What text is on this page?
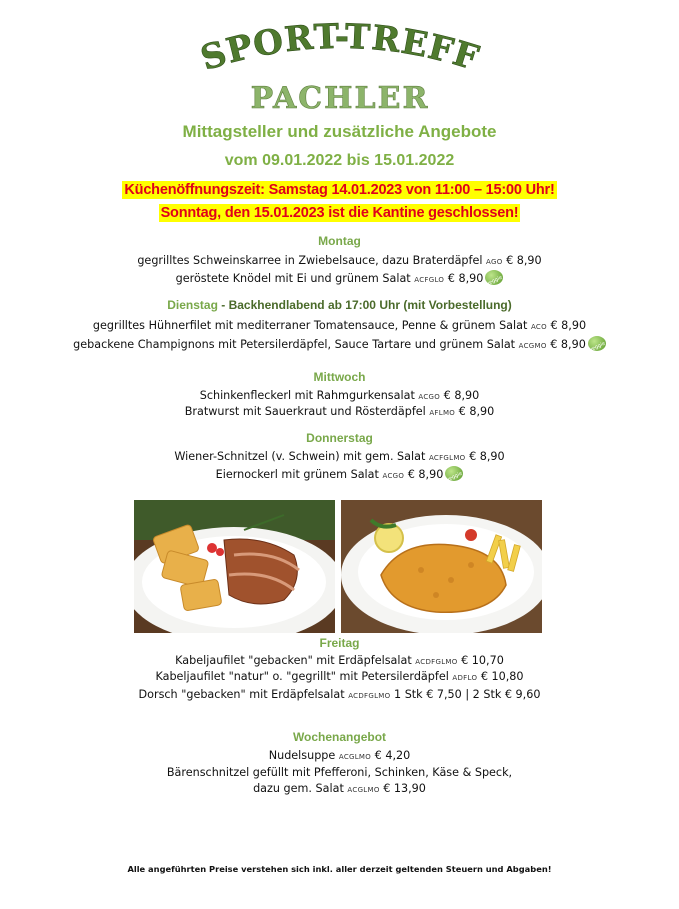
SPORT-TREFF
PACHLER
Mittagsteller und zusätzliche Angebote
vom 09.01.2022 bis 15.01.2022
Küchenöffnungszeit: Samstag 14.01.2023 von 11:00 – 15:00 Uhr!
Sonntag, den 15.01.2023 ist die Kantine geschlossen!
Montag
gegrilltes Schweinskarree in Zwiebelsauce, dazu Braterdäpfel AGO € 8,90
geröstete Knödel mit Ei und grünem Salat ACFGLO € 8,90veggie
Dienstag - Backhendlabend ab 17:00 Uhr (mit Vorbestellung)
gegrilltes Hühnerfilet mit mediterraner Tomatensauce, Penne & grünem Salat ACO € 8,90
gebackene Champignons mit Petersilerdäpfel, Sauce Tartare und grünem Salat ACGMO € 8,90veggie
Mittwoch
Schinkenfleckerl mit Rahmgurkensalat ACGO € 8,90
Bratwurst mit Sauerkraut und Rösterdäpfel AFLMO € 8,90
Donnerstag
Wiener-Schnitzel (v. Schwein) mit gem. Salat ACFGLMO € 8,90
Eiernockerl mit grünem Salat ACGO € 8,90veggie
Freitag
Kabeljaufilet "gebacken" mit Erdäpfelsalat ACDFGLMO € 10,70
Kabeljaufilet "natur" o. "gegrillt" mit Petersilerdäpfel ADFLO € 10,80
Dorsch "gebacken" mit Erdäpfelsalat ACDFGLMO 1 Stk € 7,50 | 2 Stk € 9,60
Wochenangebot
Nudelsuppe ACGLMO € 4,20
Bärenschnitzel gefüllt mit Pfefferoni, Schinken, Käse & Speck,
dazu gem. Salat ACGLMO € 13,90
Alle angeführten Preise verstehen sich inkl. aller derzeit geltenden Steuern und Abgaben!
